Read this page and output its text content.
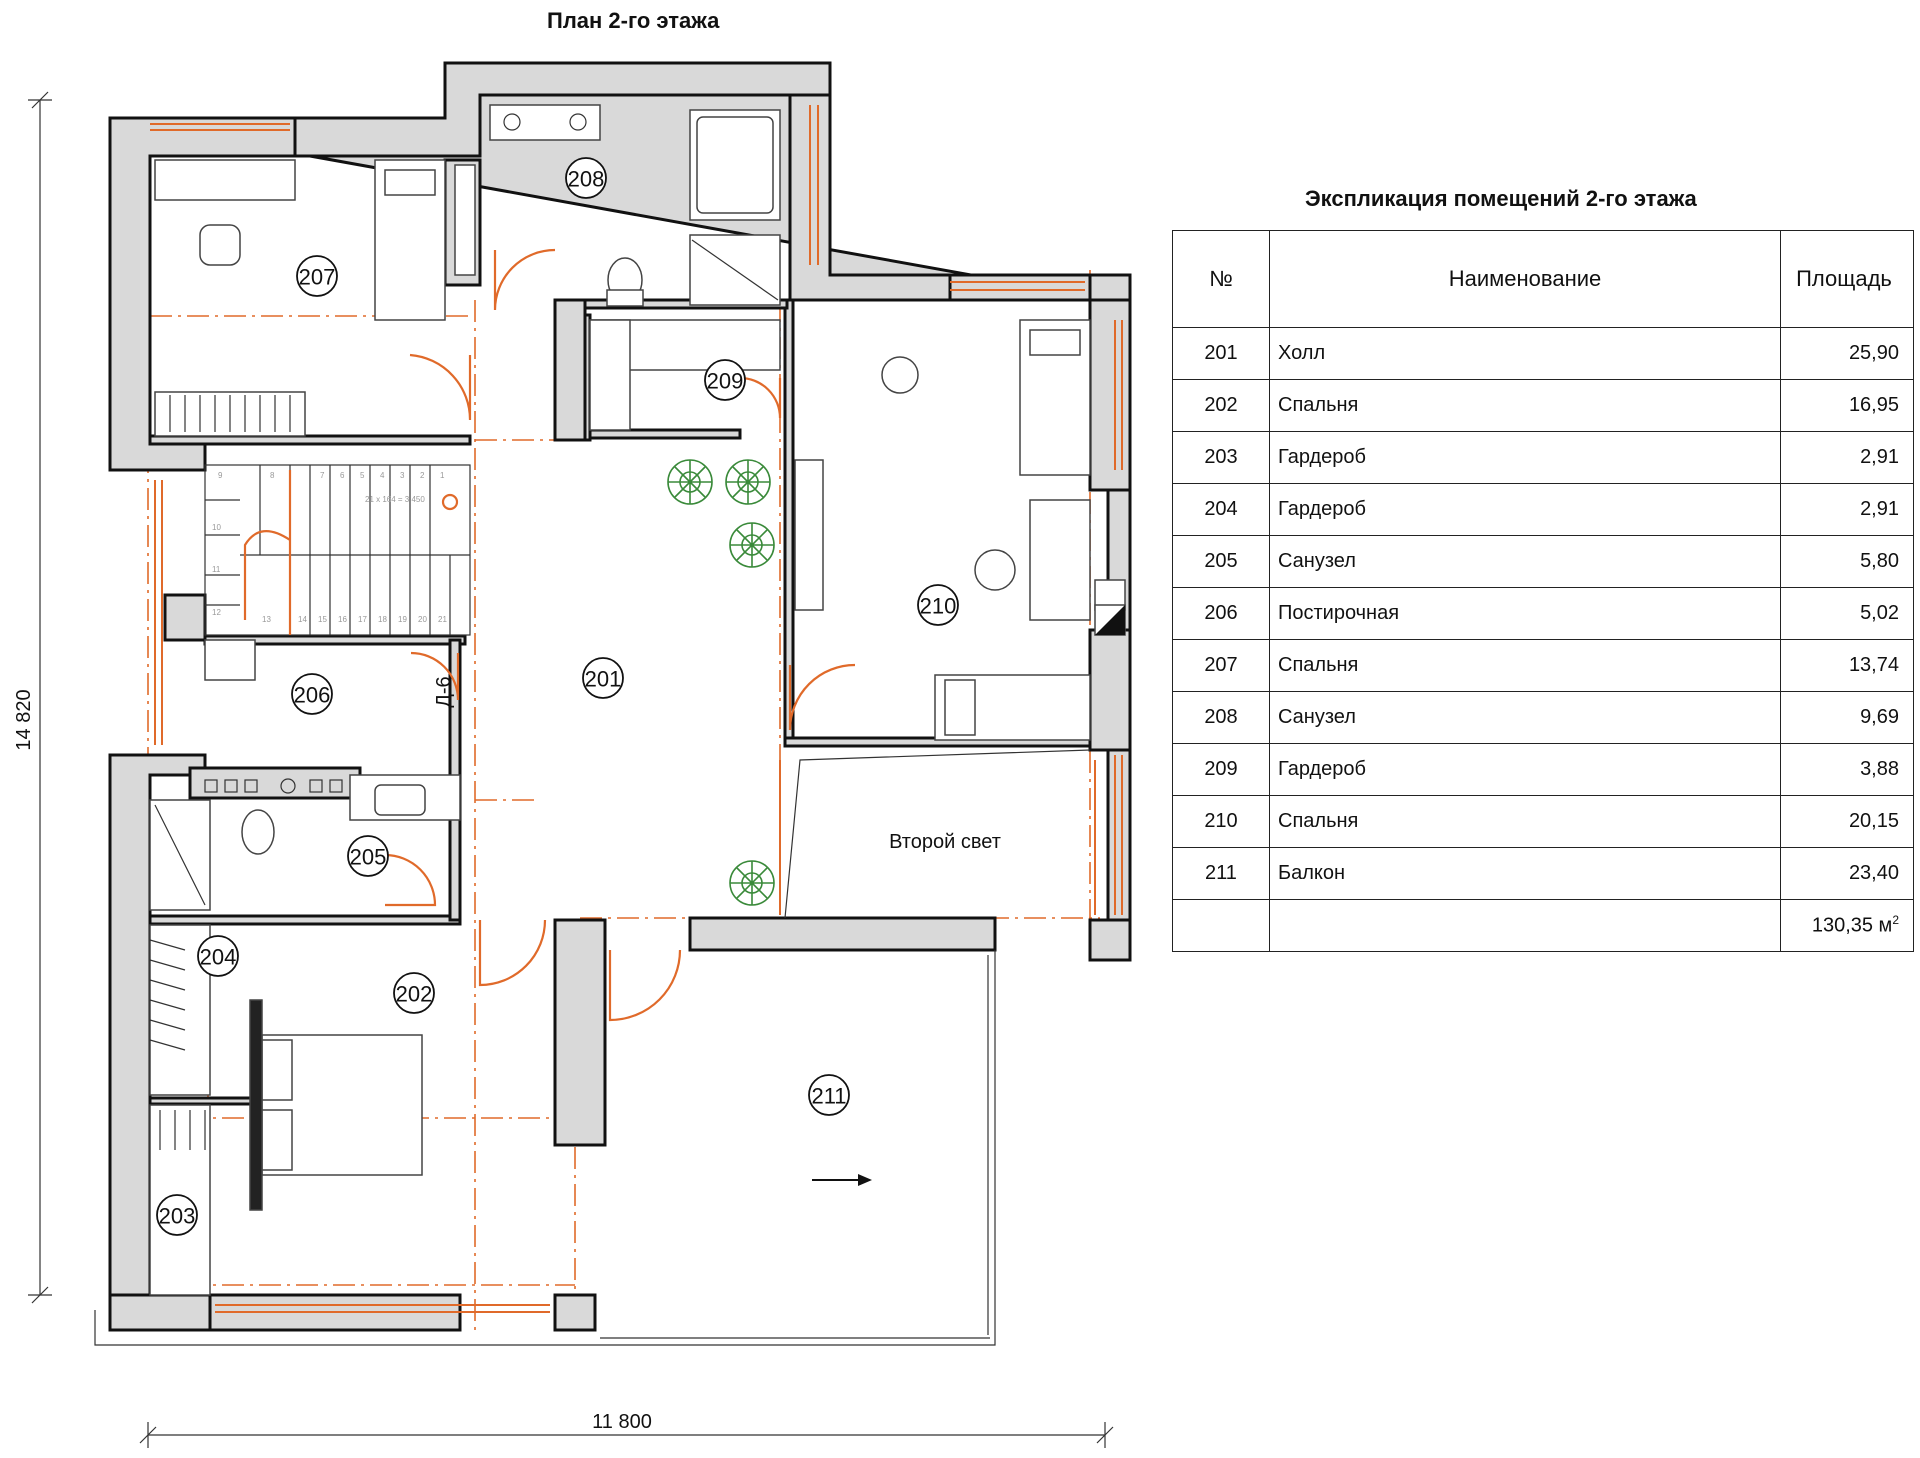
План 2-го этажа
14 820
11 800
21 х 164 = 3 450
Второй свет
Д-6	201
202
203
204
205
206
207
208
209
210
211
1
2
3
4
5
6
7
8
9
10
11
12
13	14 15 16 17 18 19 20 21
Экспликация помещений 2-го этажа
№	Наименование	Площадь
201	Холл	25,90
202	Спальня	16,95
203	Гардероб	2,91
204	Гардероб	2,91
205	Санузел	5,80
206	Постирочная	5,02
207	Спальня	13,74
208	Санузел	9,69
209	Гардероб	3,88
210	Спальня	20,15
211	Балкон	23,40
		130,35 $м^2$
